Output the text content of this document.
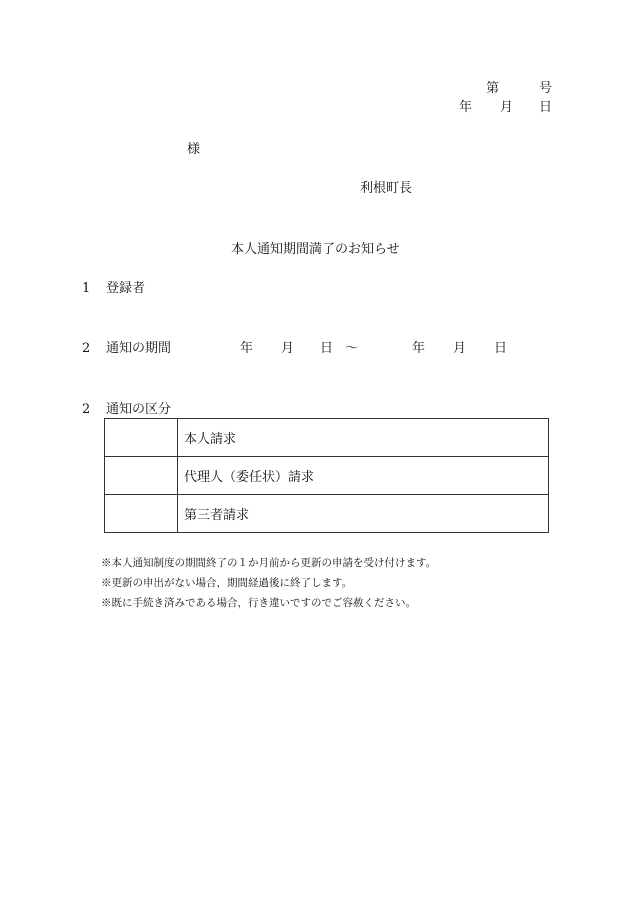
第	号
年 月 日
様
利根町長
本人通知期間満了のお知らせ
1 登録者
2 通知の期間	年 月 日 ～	年 月 日
2 通知の区分
	本人請求
	代理人（委任状）請求
	第三者請求
※本人通知制度の期間終了の１か月前から更新の申請を受け付けます。
※更新の申出がない場合，期間経過後に終了します。
※既に手続き済みである場合，行き違いですのでご容赦ください。
